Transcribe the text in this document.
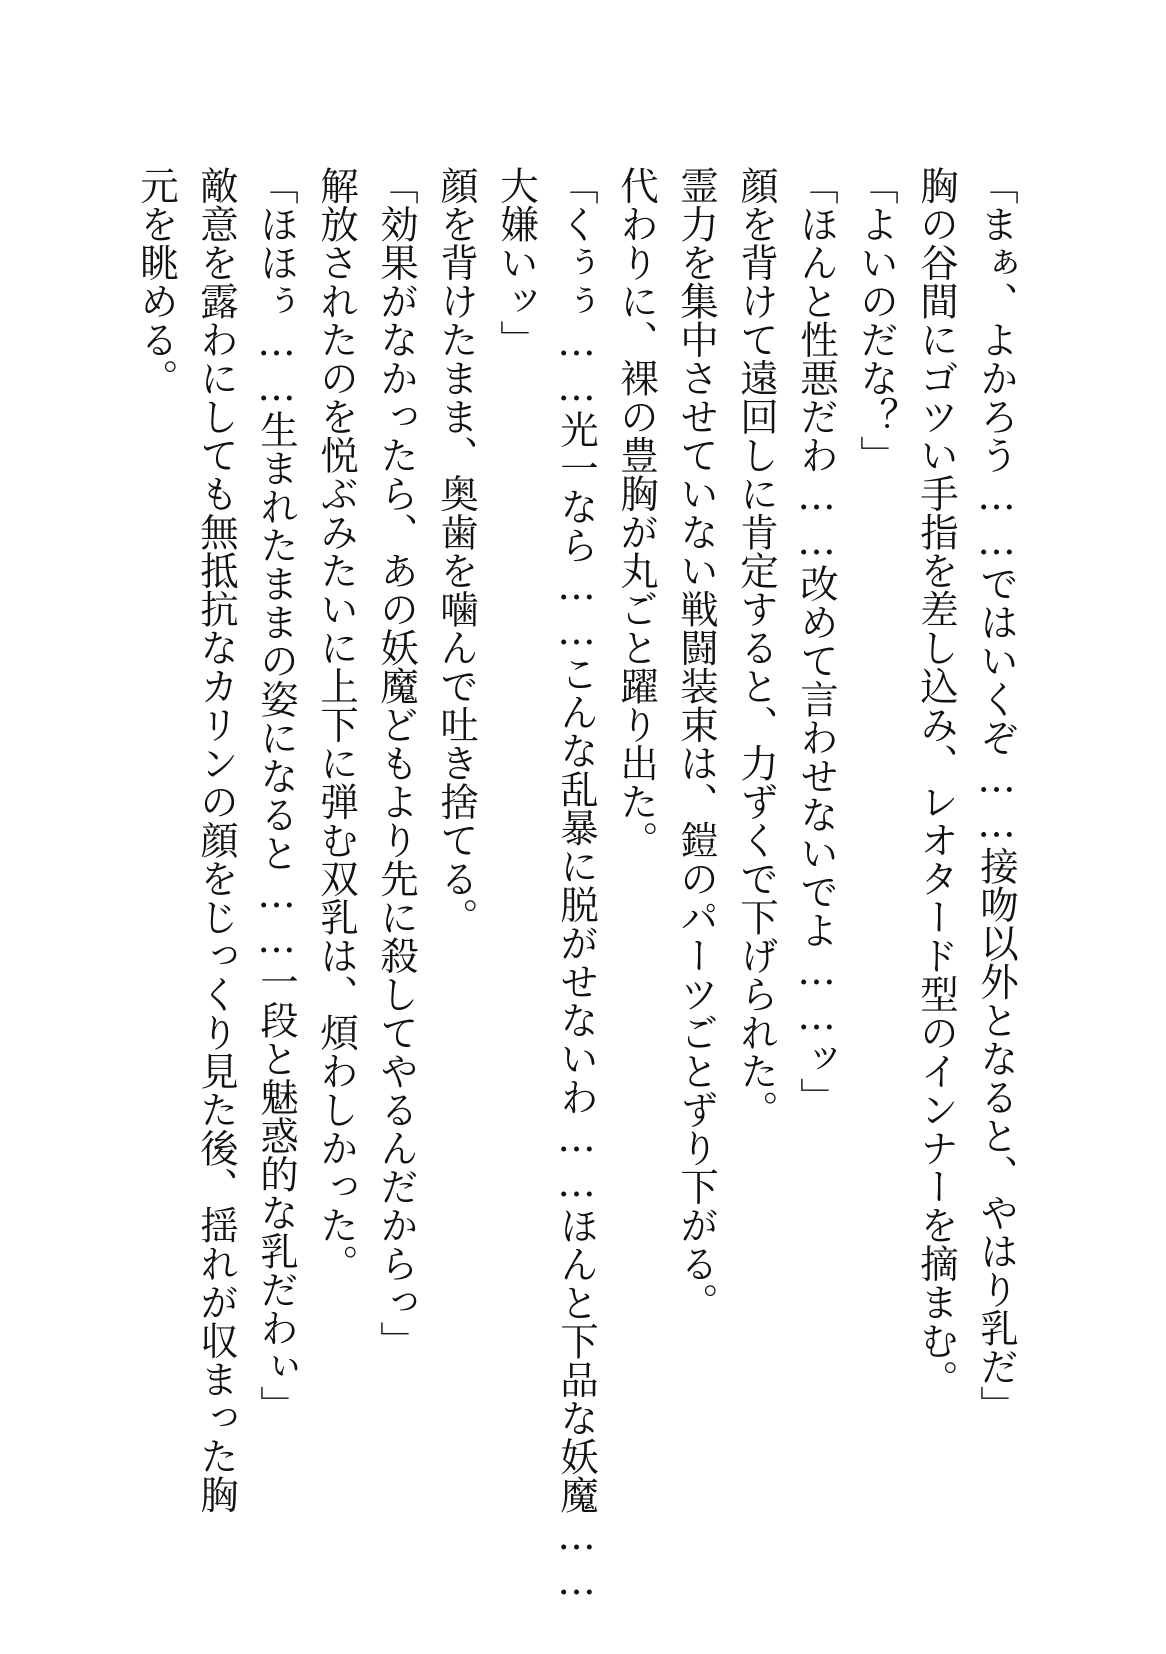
「まぁ、よかろう……ではいくぞ……接吻以外となると、やはり乳だ」
胸の谷間にゴツい手指を差し込み、レオタード型のインナーを摘まむ。
「よいのだな？」
「ほんと性悪だわ……改めて言わせないでよ……ッ」
顔を背けて遠回しに肯定すると、力ずくで下げられた。
霊力を集中させていない戦闘装束は、鎧のパーツごとずり下がる。
代わりに、裸の豊胸が丸ごと躍り出た。
「くぅぅ……光一なら……こんな乱暴に脱がせないわ……ほんと下品な妖魔……
大嫌いッ」
顔を背けたまま、奥歯を噛んで吐き捨てる。
「効果がなかったら、あの妖魔どもより先に殺してやるんだからっ」
解放されたのを悦ぶみたいに上下に弾む双乳は、煩わしかった。
「ほほぅ……生まれたままの姿になると……一段と魅惑的な乳だわぃ」
敵意を露わにしても無抵抗なカリンの顔をじっくり見た後、揺れが収まった胸
元を眺める。
